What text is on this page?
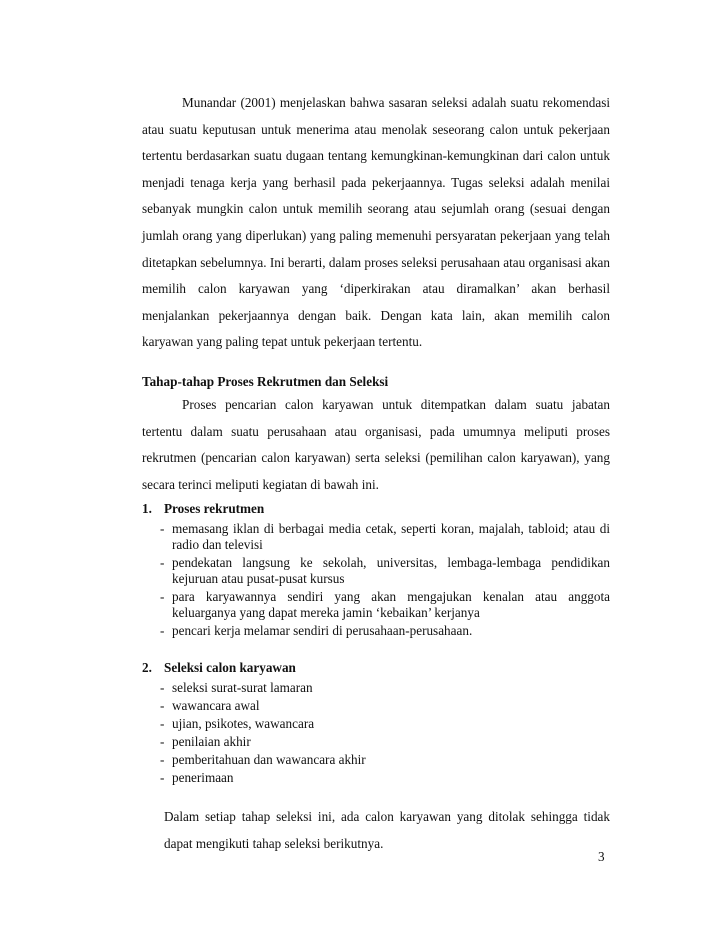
Munandar (2001) menjelaskan bahwa sasaran seleksi adalah suatu rekomendasi atau suatu keputusan untuk menerima atau menolak seseorang calon untuk pekerjaan tertentu berdasarkan suatu dugaan tentang kemungkinan-kemungkinan dari calon untuk menjadi tenaga kerja yang berhasil pada pekerjaannya. Tugas seleksi adalah menilai sebanyak mungkin calon untuk memilih seorang atau sejumlah orang (sesuai dengan jumlah orang yang diperlukan) yang paling memenuhi persyaratan pekerjaan yang telah ditetapkan sebelumnya. Ini berarti, dalam proses seleksi perusahaan atau organisasi akan memilih calon karyawan yang ‘diperkirakan atau diramalkan’ akan berhasil menjalankan pekerjaannya dengan baik. Dengan kata lain, akan memilih calon karyawan yang paling tepat untuk pekerjaan tertentu.

Tahap-tahap Proses Rekrutmen dan Seleksi

Proses pencarian calon karyawan untuk ditempatkan dalam suatu jabatan tertentu dalam suatu perusahaan atau organisasi, pada umumnya meliputi proses rekrutmen (pencarian calon karyawan) serta seleksi (pemilihan calon karyawan), yang secara terinci meliputi kegiatan di bawah ini.

1. Proses rekrutmen
- memasang iklan di berbagai media cetak, seperti koran, majalah, tabloid; atau di radio dan televisi
- pendekatan langsung ke sekolah, universitas, lembaga-lembaga pendidikan kejuruan atau pusat-pusat kursus
- para karyawannya sendiri yang akan mengajukan kenalan atau anggota keluarganya yang dapat mereka jamin ‘kebaikan’ kerjanya
- pencari kerja melamar sendiri di perusahaan-perusahaan.
2. Seleksi calon karyawan
- seleksi surat-surat lamaran
- wawancara awal
- ujian, psikotes, wawancara
- penilaian akhir
- pemberitahuan dan wawancara akhir
- penerimaan

Dalam setiap tahap seleksi ini, ada calon karyawan yang ditolak sehingga tidak dapat mengikuti tahap seleksi berikutnya.

3
